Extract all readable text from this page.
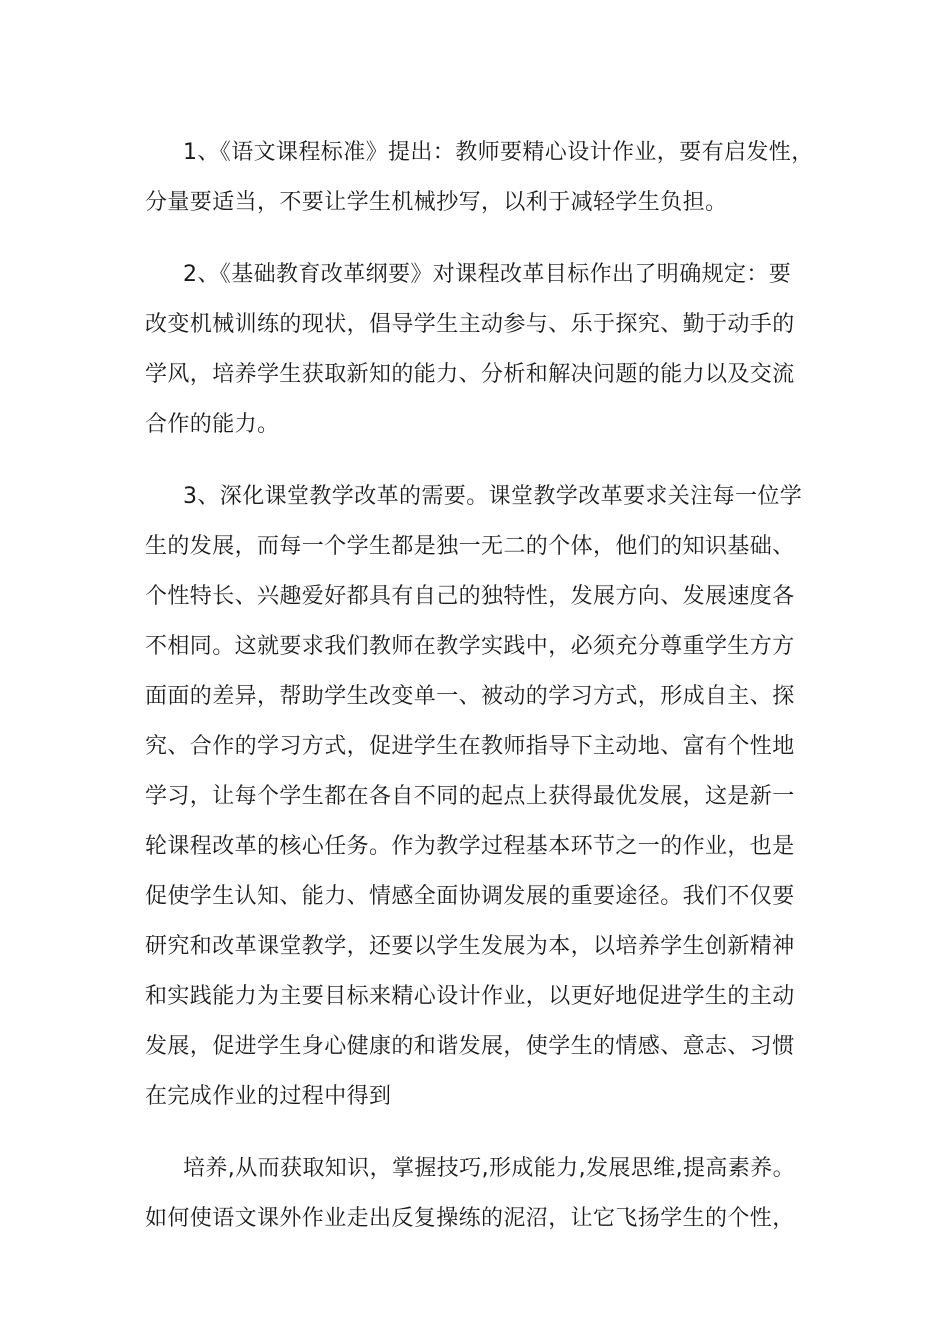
1、《语文课程标准》提出：教师要精心设计作业，要有启发性，
分量要适当，不要让学生机械抄写，以利于减轻学生负担。

2、《基础教育改革纲要》对课程改革目标作出了明确规定：要
改变机械训练的现状，倡导学生主动参与、乐于探究、勤于动手的
学风，培养学生获取新知的能力、分析和解决问题的能力以及交流
合作的能力。

3、深化课堂教学改革的需要。课堂教学改革要求关注每一位学
生的发展，而每一个学生都是独一无二的个体，他们的知识基础、
个性特长、兴趣爱好都具有自己的独特性，发展方向、发展速度各
不相同。这就要求我们教师在教学实践中，必须充分尊重学生方方
面面的差异，帮助学生改变单一、被动的学习方式，形成自主、探
究、合作的学习方式，促进学生在教师指导下主动地、富有个性地
学习，让每个学生都在各自不同的起点上获得最优发展，这是新一
轮课程改革的核心任务。作为教学过程基本环节之一的作业，也是
促使学生认知、能力、情感全面协调发展的重要途径。我们不仅要
研究和改革课堂教学，还要以学生发展为本，以培养学生创新精神
和实践能力为主要目标来精心设计作业，以更好地促进学生的主动
发展，促进学生身心健康的和谐发展，使学生的情感、意志、习惯
在完成作业的过程中得到

培养,从而获取知识，掌握技巧,形成能力,发展思维,提高素养。
如何使语文课外作业走出反复操练的泥沼，让它飞扬学生的个性，
